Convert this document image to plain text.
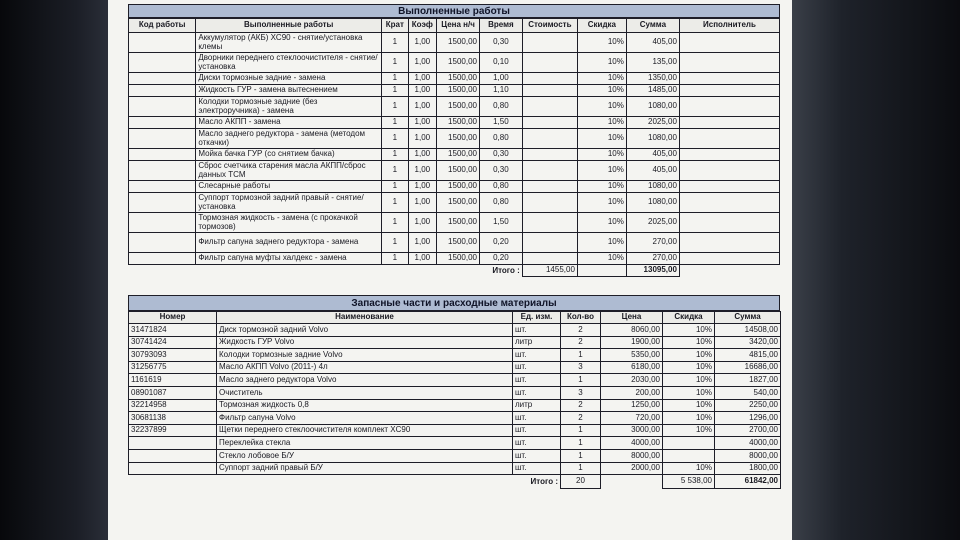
Выполненные работы
Код работы	Выполненные работы	Крат	Коэф	Цена н/ч	Время	Стоимость	Скидка	Сумма	Исполнитель
	Аккумулятор (АКБ) XC90 - снятие/установка клемы	1	1,00	1500,00	0,30		10%	405,00	
	Дворники переднего стеклоочистителя - снятие/установка	1	1,00	1500,00	0,10		10%	135,00	
	Диски тормозные задние - замена	1	1,00	1500,00	1,00		10%	1350,00	
	Жидкость ГУР - замена вытеснением	1	1,00	1500,00	1,10		10%	1485,00	
	Колодки тормозные задние (без электроручника) - замена	1	1,00	1500,00	0,80		10%	1080,00	
	Масло АКПП - замена	1	1,00	1500,00	1,50		10%	2025,00	
	Масло заднего редуктора - замена (методом откачки)	1	1,00	1500,00	0,80		10%	1080,00	
	Мойка бачка ГУР (со снятием бачка)	1	1,00	1500,00	0,30		10%	405,00	
	Сброс счетчика старения масла АКПП/сброс данных ТСМ	1	1,00	1500,00	0,30		10%	405,00	
	Слесарные работы	1	1,00	1500,00	0,80		10%	1080,00	
	Суппорт тормозной задний правый - снятие/установка	1	1,00	1500,00	0,80		10%	1080,00	
	Тормозная жидкость - замена (с прокачкой тормозов)	1	1,00	1500,00	1,50		10%	2025,00	
	Фильтр сапуна заднего редуктора - замена	1	1,00	1500,00	0,20		10%	270,00	
	Фильтр сапуна муфты халдекс - замена	1	1,00	1500,00	0,20		10%	270,00	
Итого :						1455,00		13095,00	
Запасные части и расходные материалы
Номер	Наименование	Ед. изм.	Кол-во	Цена	Скидка	Сумма
31471824	Диск тормозной задний Volvo	шт.	2	8060,00	10%	14508,00
30741424	Жидкость ГУР Volvo	литр	2	1900,00	10%	3420,00
30793093	Колодки тормозные задние Volvo	шт.	1	5350,00	10%	4815,00
31256775	Масло АКПП Volvo (2011-) 4л	шт.	3	6180,00	10%	16686,00
1161619	Масло заднего редуктора Volvo	шт.	1	2030,00	10%	1827,00
08901087	Очиститель	шт.	3	200,00	10%	540,00
32214958	Тормозная жидкость 0,8	литр	2	1250,00	10%	2250,00
30681138	Фильтр сапуна Volvo	шт.	2	720,00	10%	1296,00
32237899	Щетки переднего стеклоочистителя комплект XC90	шт.	1	3000,00	10%	2700,00
	Переклейка стекла	шт.	1	4000,00		4000,00
	Стекло лобовое Б/У	шт.	1	8000,00		8000,00
	Суппорт задний правый Б/У	шт.	1	2000,00	10%	1800,00
Итого :			20		5 538,00	61842,00
